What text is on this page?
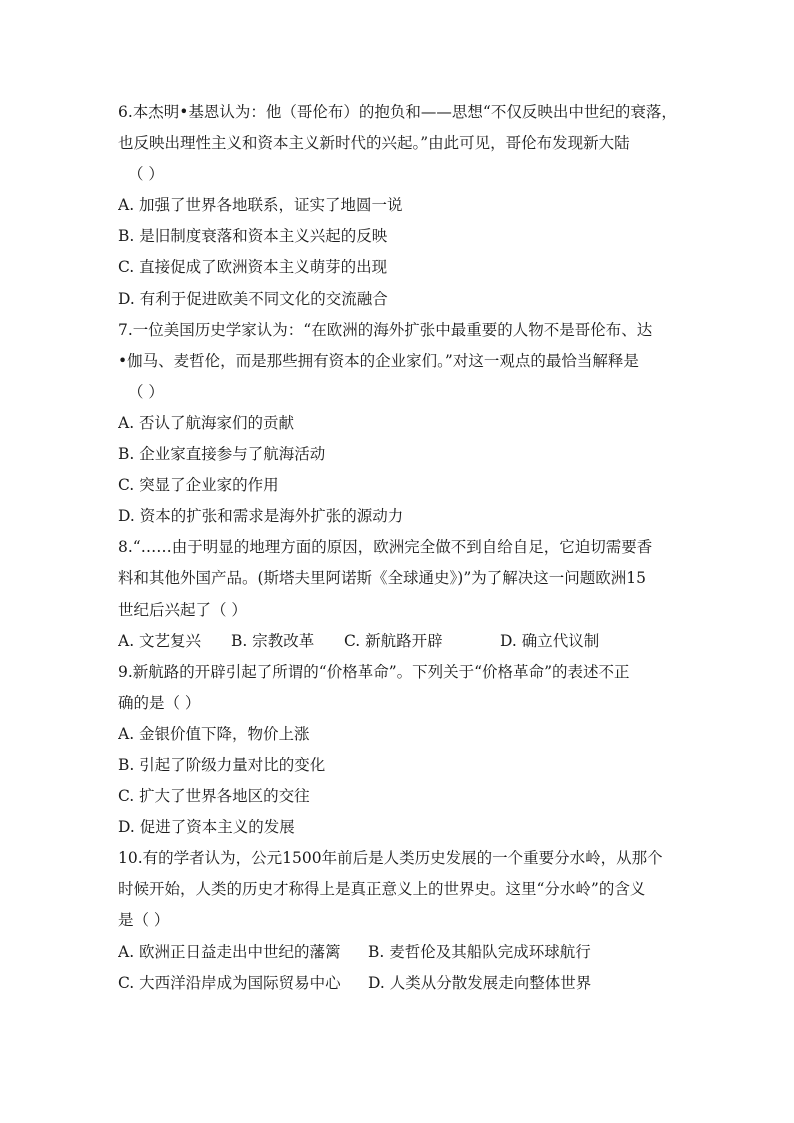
6.本杰明•基恩认为：他（哥伦布）的抱负和——思想“不仅反映出中世纪的衰落，
也反映出理性主义和资本主义新时代的兴起。”由此可见，哥伦布发现新大陆
（ ）
A. 加强了世界各地联系，证实了地圆一说
B. 是旧制度衰落和资本主义兴起的反映
C. 直接促成了欧洲资本主义萌芽的出现
D. 有利于促进欧美不同文化的交流融合
7.一位美国历史学家认为：“在欧洲的海外扩张中最重要的人物不是哥伦布、达
•伽马、麦哲伦，而是那些拥有资本的企业家们。”对这一观点的最恰当解释是
（ ）
A. 否认了航海家们的贡献
B. 企业家直接参与了航海活动
C. 突显了企业家的作用
D. 资本的扩张和需求是海外扩张的源动力
8.“……由于明显的地理方面的原因，欧洲完全做不到自给自足，它迫切需要香
料和其他外国产品。(斯塔夫里阿诺斯《全球通史》)”为了解决这一问题欧洲15
世纪后兴起了（ ）
A. 文艺复兴	B. 宗教改革	C. 新航路开辟	D. 确立代议制
9.新航路的开辟引起了所谓的“价格革命”。下列关于“价格革命”的表述不正
确的是（ ）
A. 金银价值下降，物价上涨
B. 引起了阶级力量对比的变化
C. 扩大了世界各地区的交往
D. 促进了资本主义的发展
10.有的学者认为，公元1500年前后是人类历史发展的一个重要分水岭，从那个
时候开始，人类的历史才称得上是真正意义上的世界史。这里“分水岭”的含义
是（ ）
A. 欧洲正日益走出中世纪的藩篱	B. 麦哲伦及其船队完成环球航行
C. 大西洋沿岸成为国际贸易中心	D. 人类从分散发展走向整体世界
